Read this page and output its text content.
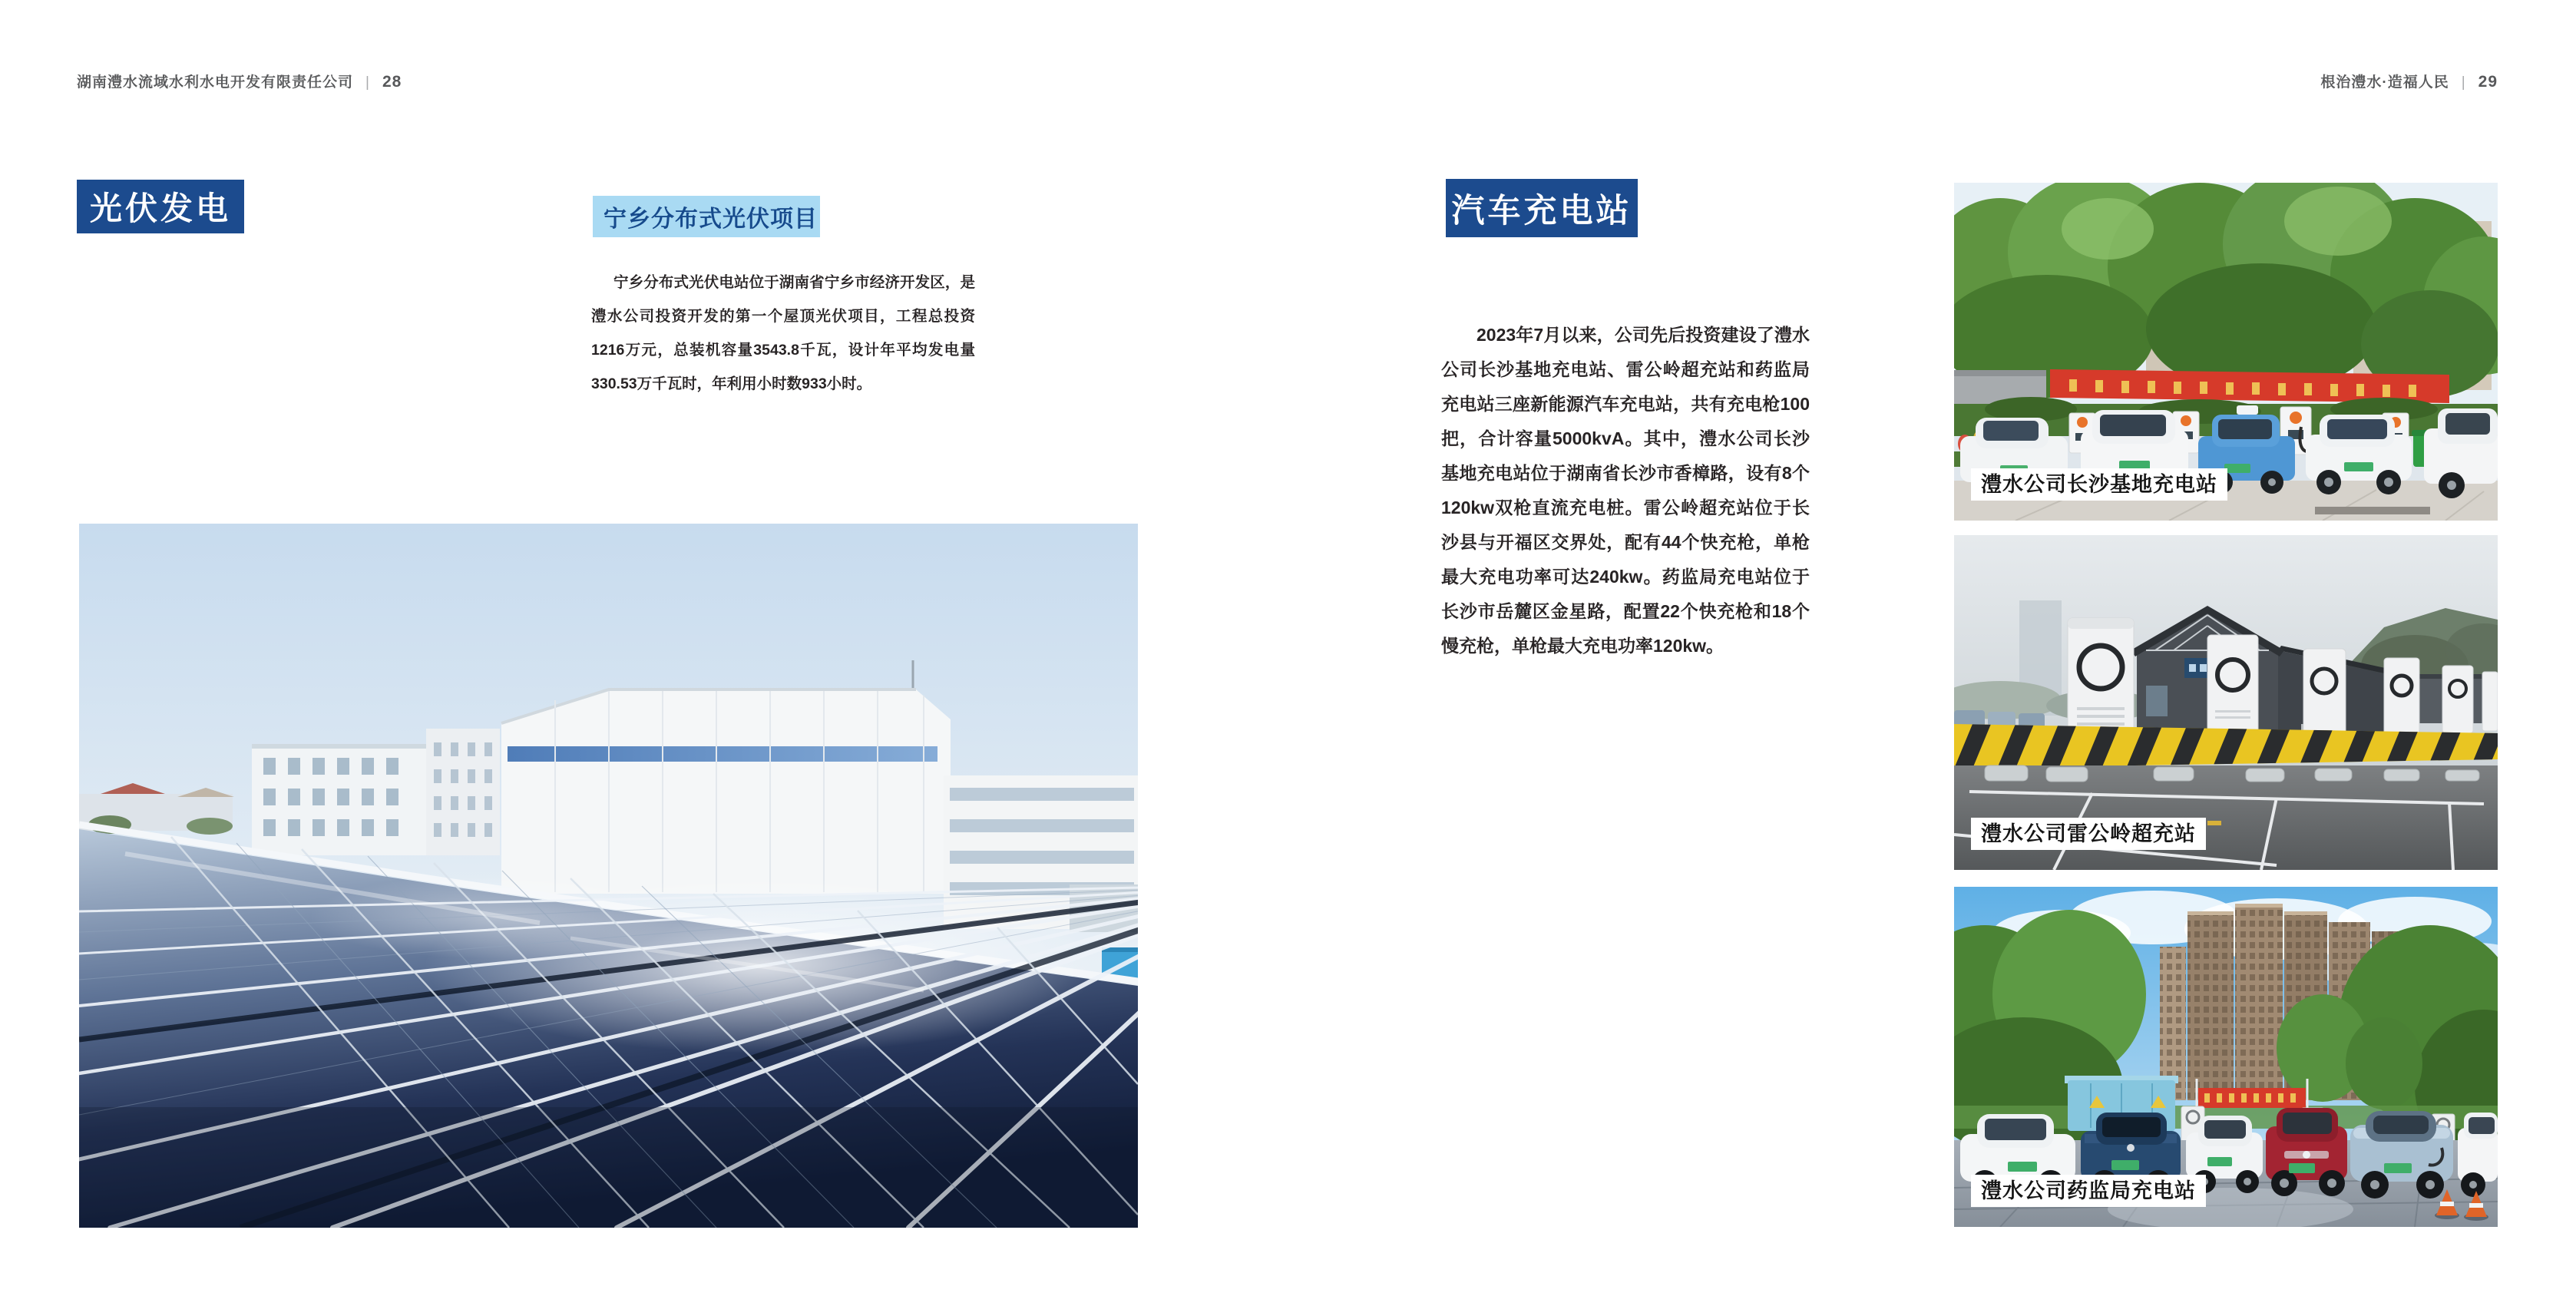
湖南澧水流域水利水电开发有限责任公司 | 28	根治澧水·造福人民 | 29
光伏发电	宁乡分布式光伏项目
宁乡分布式光伏电站位于湖南省宁乡市经济开发区，是澧水公司投资开发的第一个屋顶光伏项目，工程总投资1216万元，总装机容量3543.8千瓦，设计年平均发电量330.53万千瓦时，年利用小时数933小时。
汽车充电站
2023年7月以来，公司先后投资建设了澧水公司长沙基地充电站、雷公岭超充站和药监局充电站三座新能源汽车充电站，共有充电枪100把，合计容量5000kvA。其中，澧水公司长沙基地充电站位于湖南省长沙市香樟路，设有8个120kw双枪直流充电桩。雷公岭超充站位于长沙县与开福区交界处，配有44个快充枪，单枪最大充电功率可达240kw。药监局充电站位于长沙市岳麓区金星路，配置22个快充枪和18个慢充枪，单枪最大充电功率120kw。
澧水公司长沙基地充电站
澧水公司雷公岭超充站
澧水公司药监局充电站
